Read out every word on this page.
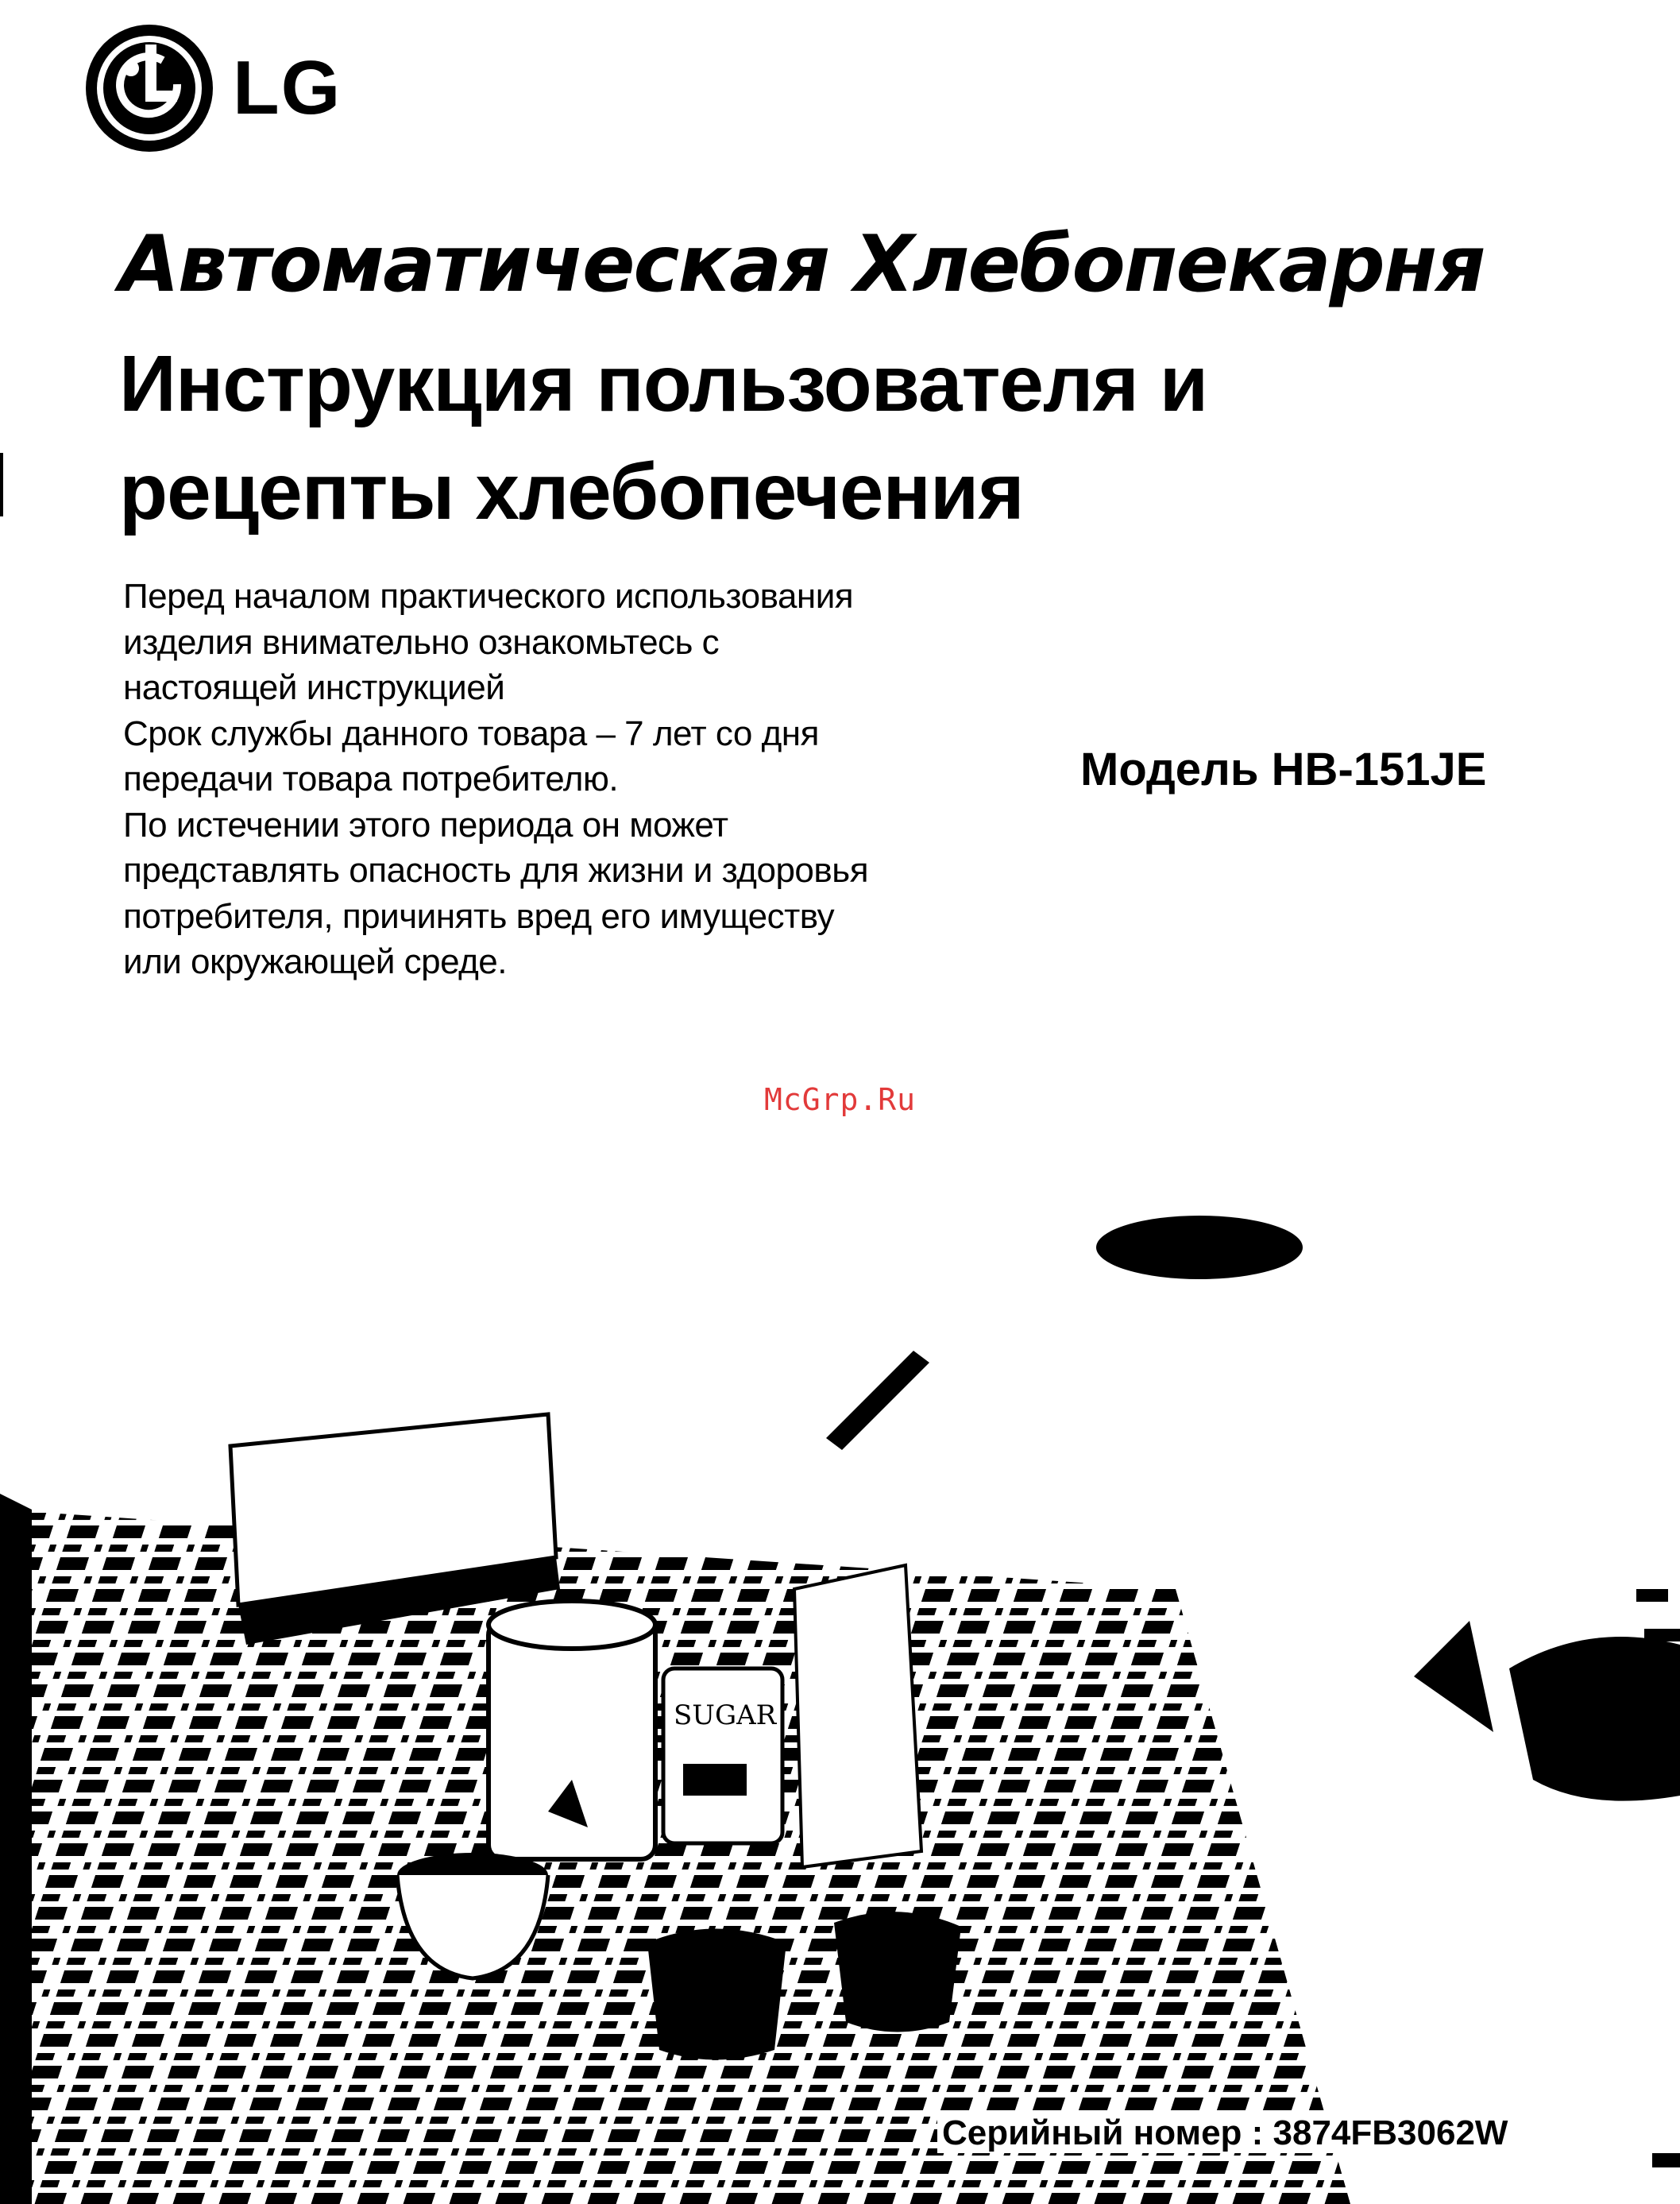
LG
Автоматическая Хлебопекарня
Инструкция пользователя и
рецепты хлебопечения
Перед началом практического использования
изделия внимательно ознакомьтесь с
настоящей инструкцией
Срок службы данного товара – 7 лет со дня
передачи товара потребителю.
По истечении этого периода он может
представлять опасность для жизни и здоровья
потребителя, причинять вред его имуществу
или окружающей среде.

Модель HB-151JE

McGrp.Ru
SUGAR
Серийный номер : 3874FB3062W
